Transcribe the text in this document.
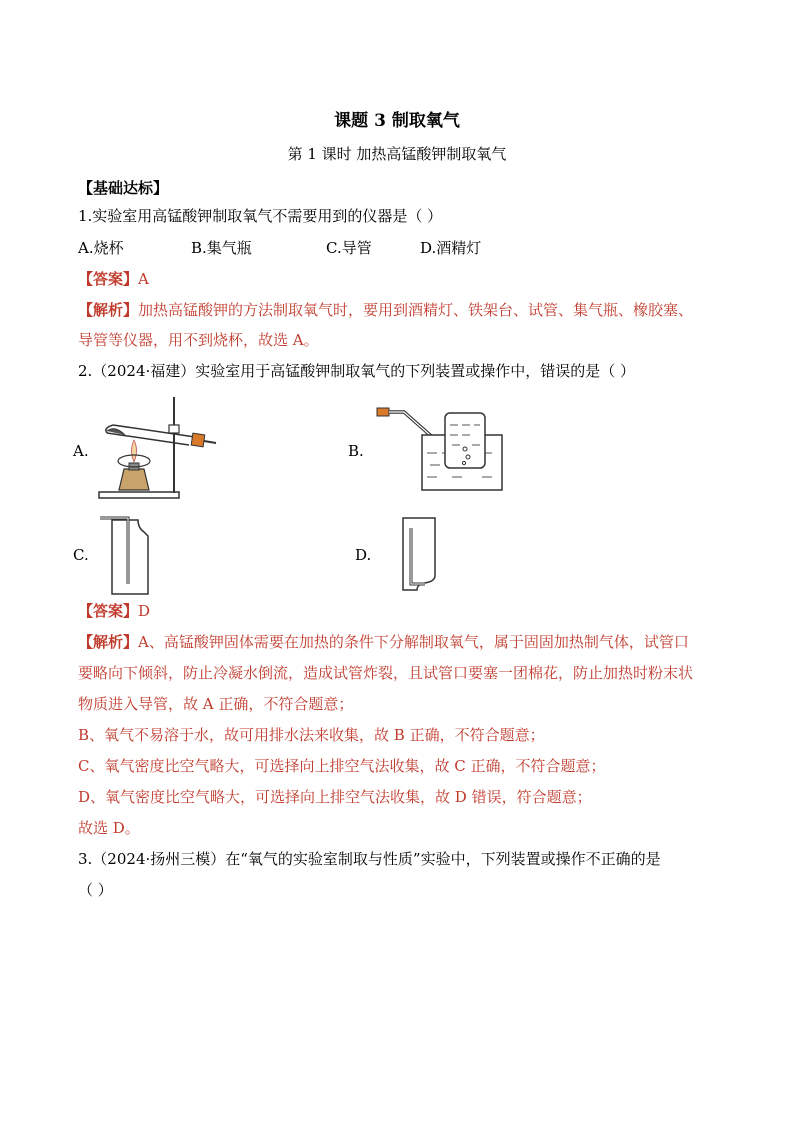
课题 3 制取氧气
第 1 课时 加热高锰酸钾制取氧气
【基础达标】
1.实验室用高锰酸钾制取氧气不需要用到的仪器是（ ）
A.烧杯	B.集气瓶	C.导管	D.酒精灯
【答案】A
【解析】加热高锰酸钾的方法制取氧气时，要用到酒精灯、铁架台、试管、集气瓶、橡胶塞、
导管等仪器，用不到烧杯，故选 A。
2.（2024·福建）实验室用于高锰酸钾制取氧气的下列装置或操作中，错误的是（ ）
A.	B.
C.	D.
【答案】D
【解析】A、高锰酸钾固体需要在加热的条件下分解制取氧气，属于固固加热制气体，试管口
要略向下倾斜，防止冷凝水倒流，造成试管炸裂，且试管口要塞一团棉花，防止加热时粉末状
物质进入导管，故 A 正确，不符合题意；
B、氧气不易溶于水，故可用排水法来收集，故 B 正确，不符合题意；
C、氧气密度比空气略大，可选择向上排空气法收集，故 C 正确，不符合题意；
D、氧气密度比空气略大，可选择向上排空气法收集，故 D 错误，符合题意；
故选 D。
3.（2024·扬州三模）在“氧气的实验室制取与性质”实验中，下列装置或操作不正确的是
（ ）
